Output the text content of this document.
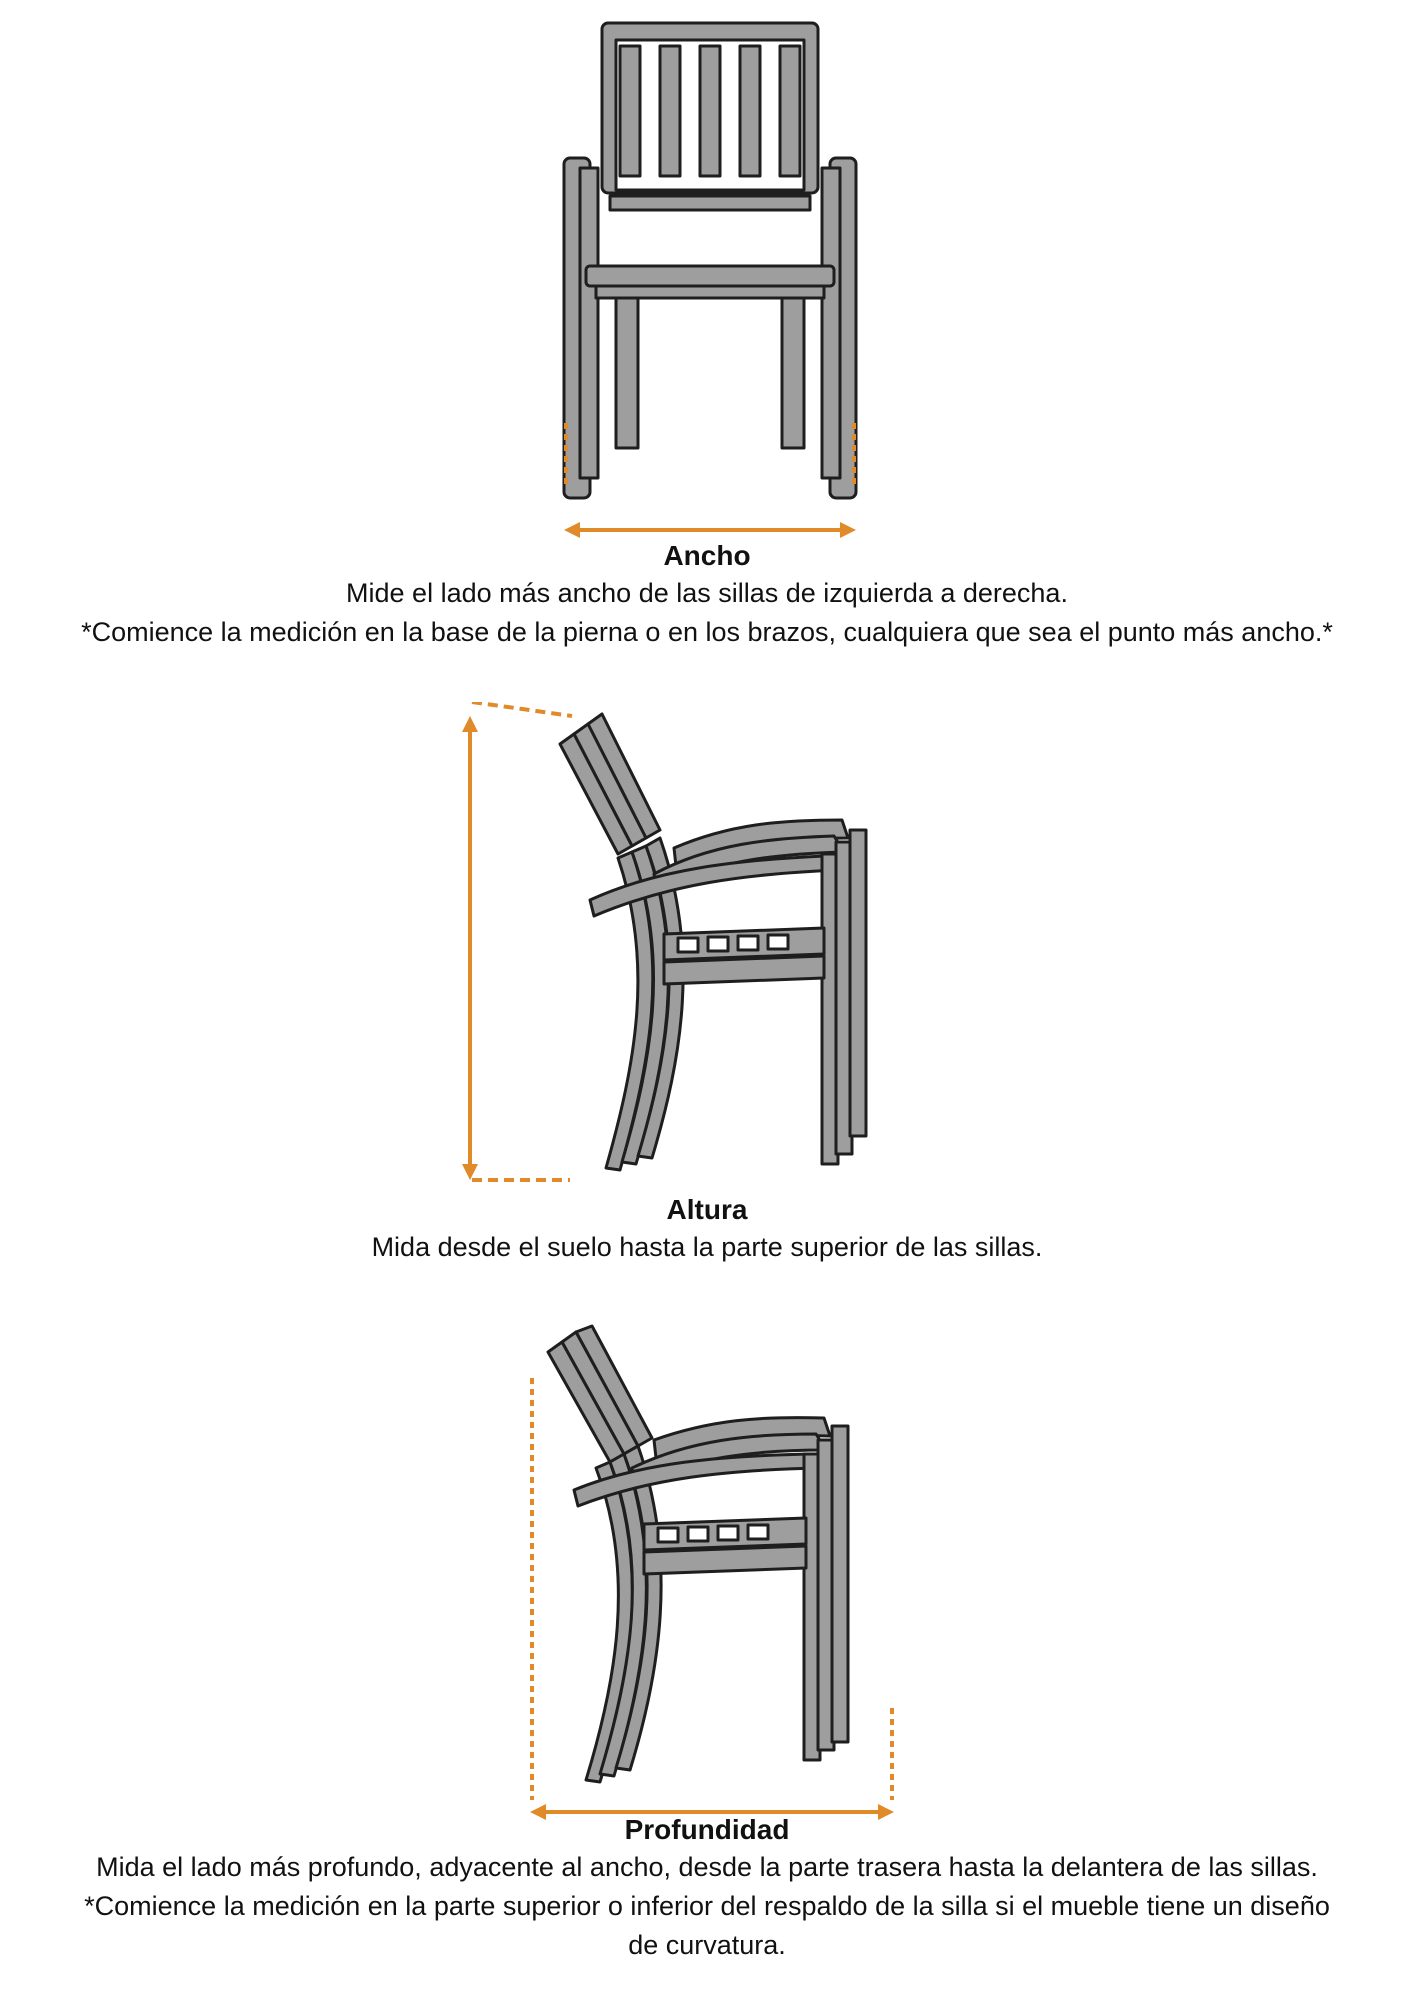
Ancho

Mide el lado más ancho de las sillas de izquierda a derecha.

*Comience la medición en la base de la pierna o en los brazos, cualquiera que sea el punto más ancho.*

Altura

Mida desde el suelo hasta la parte superior de las sillas.

Profundidad

Mida el lado más profundo, adyacente al ancho, desde la parte trasera hasta la delantera de las sillas.

*Comience la medición en la parte superior o inferior del respaldo de la silla si el mueble tiene un diseño

de curvatura.
